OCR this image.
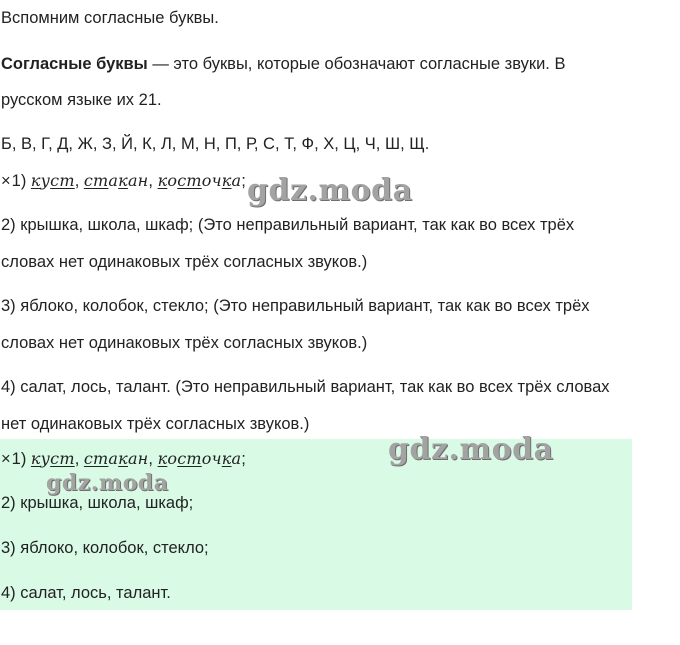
Вспомним согласные буквы.
Согласные буквы — это буквы, которые обозначают согласные звуки. В
русском языке их 21.
Б, В, Г, Д, Ж, З, Й, К, Л, М, Н, П, Р, С, Т, Ф, Х, Ц, Ч, Ш, Щ.
×1) куст, стакан, косточка;
2) крышка, школа, шкаф; (Это неправильный вариант, так как во всех трёх
словах нет одинаковых трёх согласных звуков.)
3) яблоко, колобок, стекло; (Это неправильный вариант, так как во всех трёх
словах нет одинаковых трёх согласных звуков.)
4) салат, лось, талант. (Это неправильный вариант, так как во всех трёх словах
нет одинаковых трёх согласных звуков.)
×1) куст, стакан, косточка;
2) крышка, школа, шкаф;
3) яблоко, колобок, стекло;
4) салат, лось, талант.
gdz.moda
gdz.moda
gdz.moda
